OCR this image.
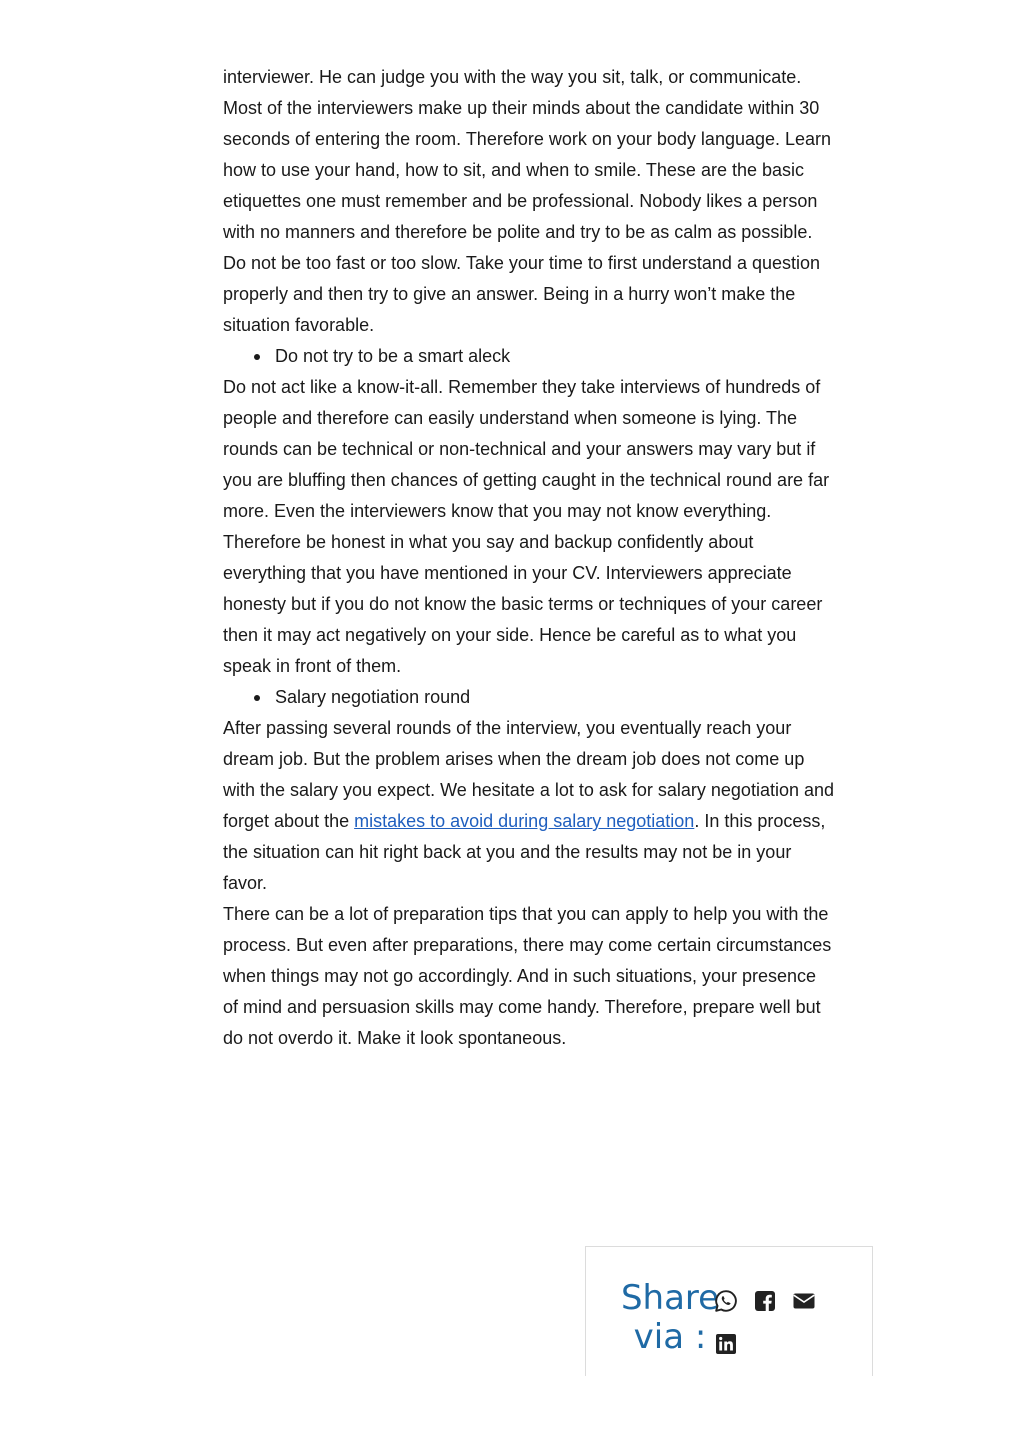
interviewer. He can judge you with the way you sit, talk, or communicate. Most of the interviewers make up their minds about the candidate within 30 seconds of entering the room. Therefore work on your body language. Learn how to use your hand, how to sit, and when to smile. These are the basic etiquettes one must remember and be professional. Nobody likes a person with no manners and therefore be polite and try to be as calm as possible. Do not be too fast or too slow. Take your time to first understand a question properly and then try to give an answer. Being in a hurry won’t make the situation favorable.

Do not try to be a smart aleck

Do not act like a know-it-all. Remember they take interviews of hundreds of people and therefore can easily understand when someone is lying. The rounds can be technical or non-technical and your answers may vary but if you are bluffing then chances of getting caught in the technical round are far more. Even the interviewers know that you may not know everything. Therefore be honest in what you say and backup confidently about everything that you have mentioned in your CV. Interviewers appreciate honesty but if you do not know the basic terms or techniques of your career then it may act negatively on your side. Hence be careful as to what you speak in front of them.

Salary negotiation round

After passing several rounds of the interview, you eventually reach your dream job. But the problem arises when the dream job does not come up with the salary you expect. We hesitate a lot to ask for salary negotiation and forget about the mistakes to avoid during salary negotiation. In this process, the situation can hit right back at you and the results may not be in your favor.

There can be a lot of preparation tips that you can apply to help you with the process. But even after preparations, there may come certain circumstances when things may not go accordingly. And in such situations, your presence of mind and persuasion skills may come handy. Therefore, prepare well but do not overdo it. Make it look spontaneous.

Share via :
